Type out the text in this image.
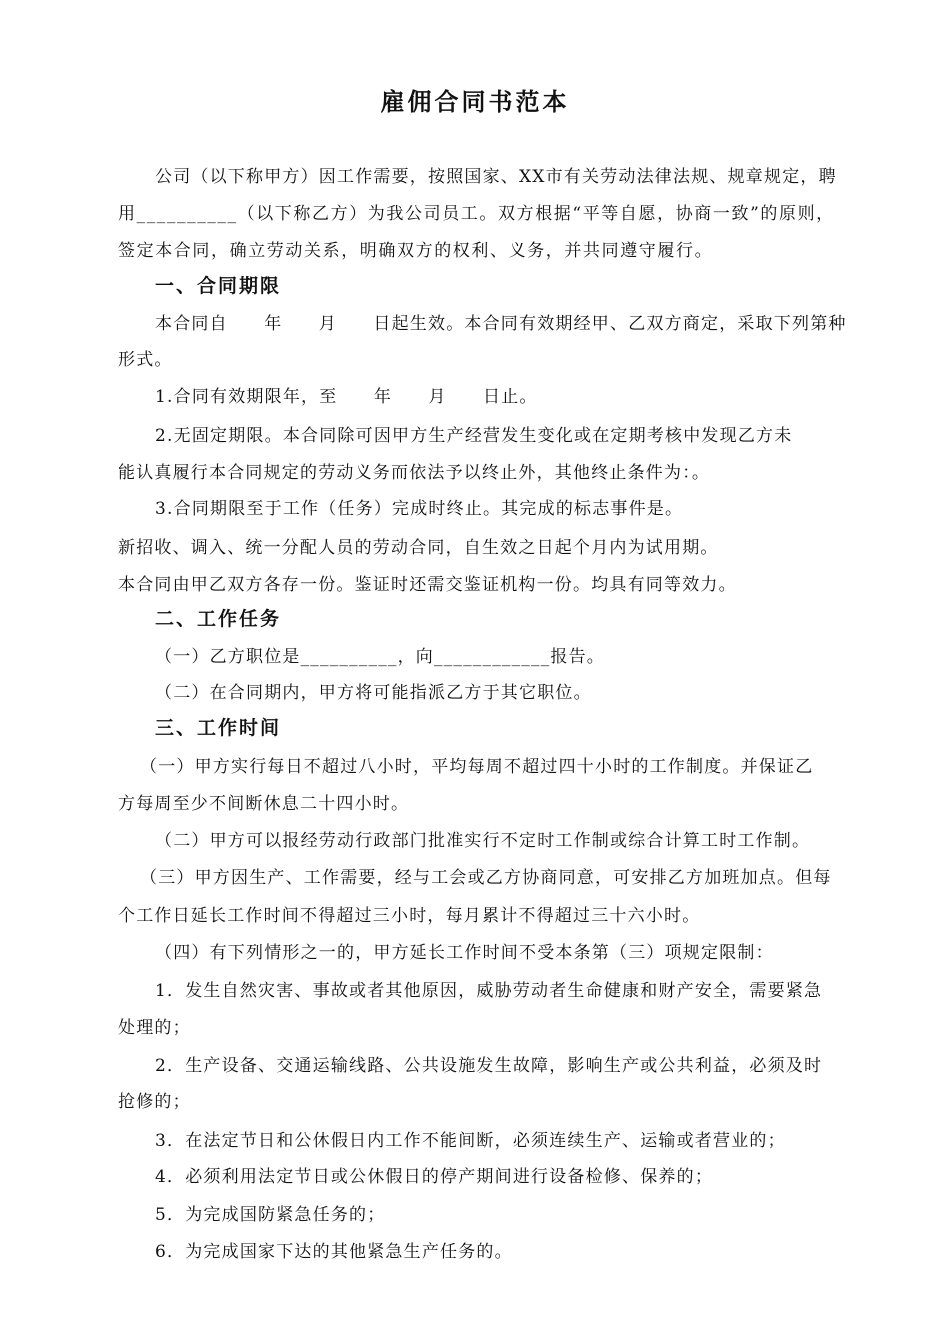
雇佣合同书范本
公司（以下称甲方）因工作需要，按照国家、XX市有关劳动法律法规、规章规定，聘
用__________（以下称乙方）为我公司员工。双方根据“平等自愿，协商一致”的原则，
签定本合同，确立劳动关系，明确双方的权利、义务，并共同遵守履行。
一、合同期限
本合同自　　年　　月　　日起生效。本合同有效期经甲、乙双方商定，采取下列第种
形式。
1.合同有效期限年，至　　年　　月　　日止。
2.无固定期限。本合同除可因甲方生产经营发生变化或在定期考核中发现乙方未
能认真履行本合同规定的劳动义务而依法予以终止外，其他终止条件为：。
3.合同期限至于工作（任务）完成时终止。其完成的标志事件是。
新招收、调入、统一分配人员的劳动合同，自生效之日起个月内为试用期。
本合同由甲乙双方各存一份。鉴证时还需交鉴证机构一份。均具有同等效力。
二、工作任务
（一）乙方职位是__________，向____________报告。
（二）在合同期内，甲方将可能指派乙方于其它职位。
三、工作时间
（一）甲方实行每日不超过八小时，平均每周不超过四十小时的工作制度。并保证乙
方每周至少不间断休息二十四小时。
（二）甲方可以报经劳动行政部门批准实行不定时工作制或综合计算工时工作制。
（三）甲方因生产、工作需要，经与工会或乙方协商同意，可安排乙方加班加点。但每
个工作日延长工作时间不得超过三小时，每月累计不得超过三十六小时。
（四）有下列情形之一的，甲方延长工作时间不受本条第（三）项规定限制：
1．发生自然灾害、事故或者其他原因，威胁劳动者生命健康和财产安全，需要紧急
处理的；
2．生产设备、交通运输线路、公共设施发生故障，影响生产或公共利益，必须及时
抢修的；
3．在法定节日和公休假日内工作不能间断，必须连续生产、运输或者营业的；
4．必须利用法定节日或公休假日的停产期间进行设备检修、保养的；
5．为完成国防紧急任务的；
6．为完成国家下达的其他紧急生产任务的。
